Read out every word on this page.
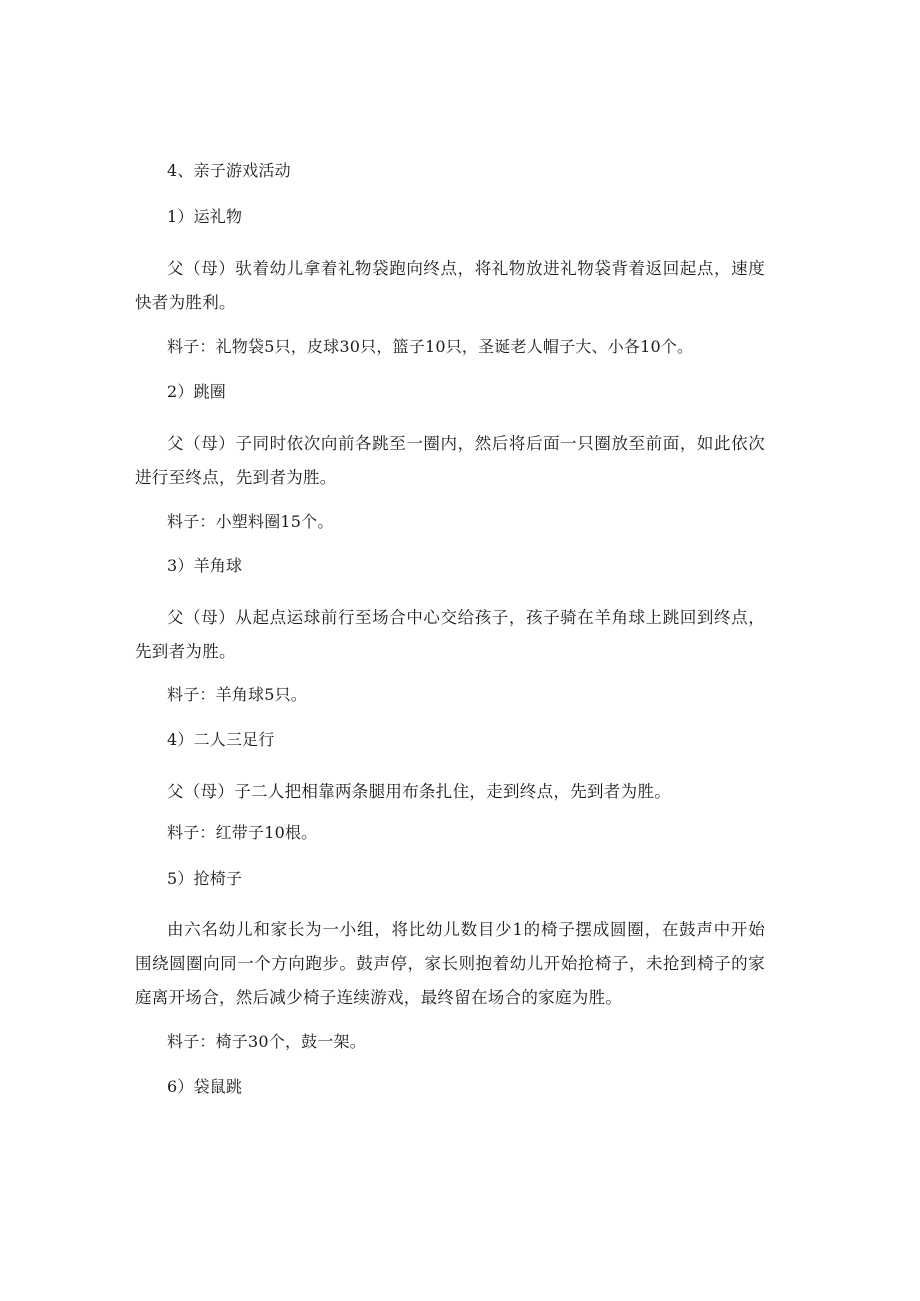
4、亲子游戏活动

1）运礼物

父（母）驮着幼儿拿着礼物袋跑向终点，将礼物放进礼物袋背着返回起点，速度快者为胜利。

料子：礼物袋5只，皮球30只，篮子10只，圣诞老人帽子大、小各10个。

2）跳圈

父（母）子同时依次向前各跳至一圈内，然后将后面一只圈放至前面，如此依次进行至终点，先到者为胜。

料子：小塑料圈15个。

3）羊角球

父（母）从起点运球前行至场合中心交给孩子，孩子骑在羊角球上跳回到终点，先到者为胜。

料子：羊角球5只。

4）二人三足行

父（母）子二人把相靠两条腿用布条扎住，走到终点，先到者为胜。

料子：红带子10根。

5）抢椅子

由六名幼儿和家长为一小组，将比幼儿数目少1的椅子摆成圆圈，在鼓声中开始围绕圆圈向同一个方向跑步。鼓声停，家长则抱着幼儿开始抢椅子，未抢到椅子的家庭离开场合，然后减少椅子连续游戏，最终留在场合的家庭为胜。

料子：椅子30个，鼓一架。

6）袋鼠跳
